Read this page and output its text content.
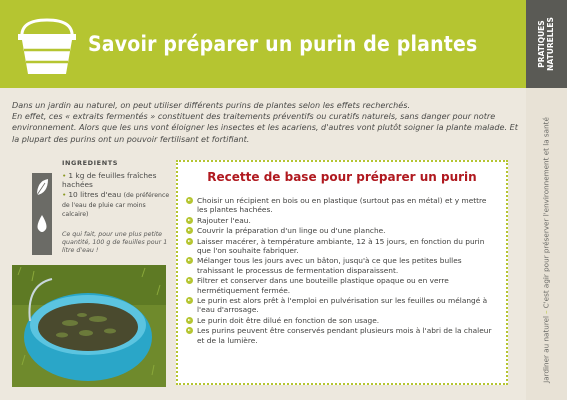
Savoir préparer un purin de plantes	PRATIQUES NATURELLES
Jardiner au naturel–C'est agir pour préserver l'environnement et la santé

Dans un jardin au naturel, on peut utiliser différents purins de plantes selon les effets recherchés.

En effet, ces « extraits fermentés » constituent des traitements préventifs ou curatifs naturels, sans danger pour notre environnement. Alors que les uns vont éloigner les insectes et les acariens, d'autres vont plutôt soigner la plante malade. Et la plupart des purins ont un pouvoir fertilisant et fortifiant.

INGREDIENTS
• 1 kg de feuilles fraîches hachées
• 10 litres d'eau (de préférence de l'eau de pluie car moins calcaire)
Ce qui fait, pour une plus petite quantité, 100 g de feuilles pour 1 litre d'eau !
Recette de base pour préparer un purin
Choisir un récipient en bois ou en plastique (surtout pas en métal) et y mettre les plantes hachées.
Rajouter l'eau.
Couvrir la préparation d'un linge ou d'une planche.
Laisser macérer, à température ambiante, 12 à 15 jours, en fonction du purin que l'on souhaite fabriquer.
Mélanger tous les jours avec un bâton, jusqu'à ce que les petites bulles trahissant le processus de fermentation disparaissent.
Filtrer et conserver dans une bouteille plastique opaque ou en verre hermétiquement fermée.
Le purin est alors prêt à l'emploi en pulvérisation sur les feuilles ou mélangé à l'eau d'arrosage.
Le purin doit être dilué en fonction de son usage.
Les purins peuvent être conservés pendant plusieurs mois à l'abri de la chaleur et de la lumière.
